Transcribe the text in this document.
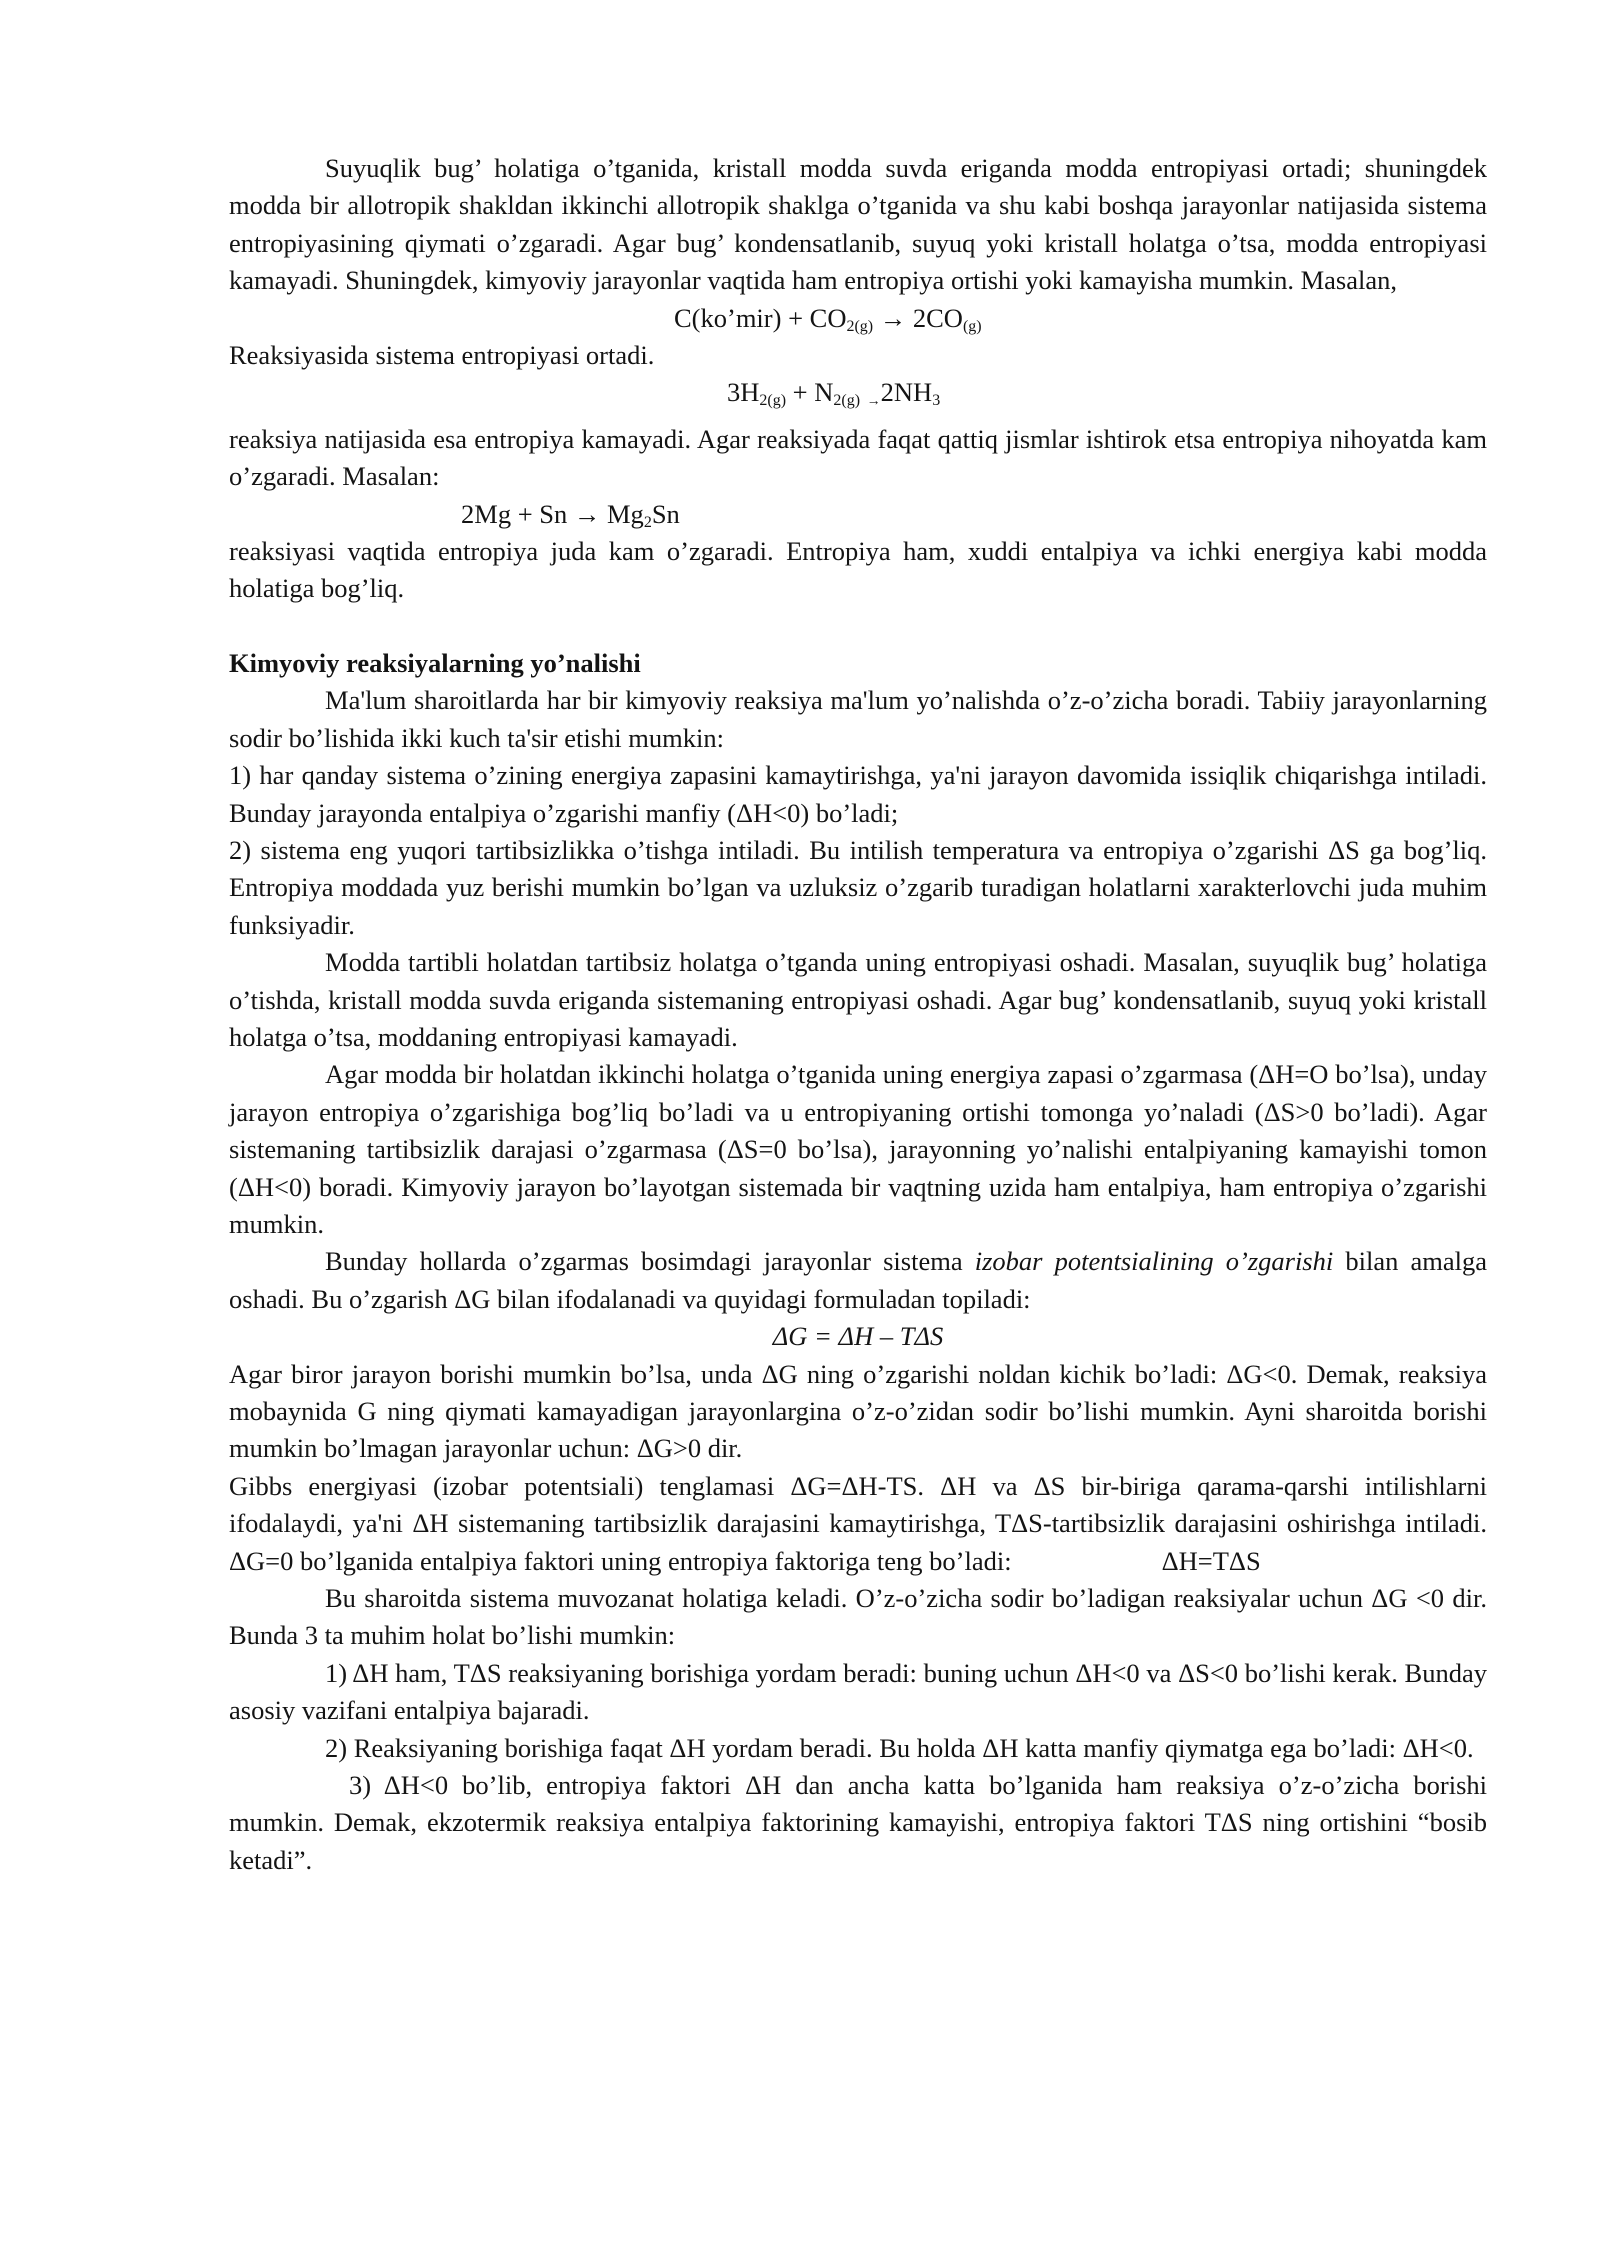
Suyuqlik bug’ holatiga o’tganida, kristall modda suvda eriganda modda entropiyasi ortadi; shuningdek modda bir allotropik shakldan ikkinchi allotropik shaklga o’tganida va shu kabi boshqa jarayonlar natijasida sistema entropiyasining qiymati o’zgaradi. Agar bug’ kondensatlanib, suyuq yoki kristall holatga o’tsa, modda entropiyasi kamayadi. Shuningdek, kimyoviy jarayonlar vaqtida ham entropiya ortishi yoki kamayisha mumkin. Masalan,

C(ko’mir) + $CO_{2(g)} \to 2CO_{(g)}$

Reaksiyasida sistema entropiyasi ortadi.

$3H_{2(g)} + N_{2(g)} \to 2NH_3$

reaksiya natijasida esa entropiya kamayadi. Agar reaksiyada faqat qattiq jismlar ishtirok etsa entropiya nihoyatda kam o’zgaradi. Masalan:

$2Mg + Sn \to Mg_2Sn$

reaksiyasi vaqtida entropiya juda kam o’zgaradi. Entropiya ham, xuddi entalpiya va ichki energiya kabi modda holatiga bog’liq.

Kimyoviy reaksiyalarning yo’nalishi

Ma'lum sharoitlarda har bir kimyoviy reaksiya ma'lum yo’nalishda o’z-o’zicha boradi. Tabiiy jarayonlarning sodir bo’lishida ikki kuch ta'sir etishi mumkin:

1) har qanday sistema o’zining energiya zapasini kamaytirishga, ya'ni jarayon davomida issiqlik chiqarishga intiladi. Bunday jarayonda entalpiya o’zgarishi manfiy (ΔH<0) bo’ladi;

2) sistema eng yuqori tartibsizlikka o’tishga intiladi. Bu intilish temperatura va entropiya o’zgarishi ΔS ga bog’liq. Entropiya moddada yuz berishi mumkin bo’lgan va uzluksiz o’zgarib turadigan holatlarni xarakterlovchi juda muhim funksiyadir.

Modda tartibli holatdan tartibsiz holatga o’tganda uning entropiyasi oshadi. Masalan, suyuqlik bug’ holatiga o’tishda, kristall modda suvda eriganda sistemaning entropiyasi oshadi. Agar bug’ kondensatlanib, suyuq yoki kristall holatga o’tsa, moddaning entropiyasi kamayadi.

Agar modda bir holatdan ikkinchi holatga o’tganida uning energiya zapasi o’zgarmasa (ΔH=O bo’lsa), unday jarayon entropiya o’zgarishiga bog’liq bo’ladi va u entropiyaning ortishi tomonga yo’naladi (ΔS>0 bo’ladi). Agar sistemaning tartibsizlik darajasi o’zgarmasa (ΔS=0 bo’lsa), jarayonning yo’nalishi entalpiyaning kamayishi tomon (ΔH<0) boradi. Kimyoviy jarayon bo’layotgan sistemada bir vaqtning uzida ham entalpiya, ham entropiya o’zgarishi mumkin.

Bunday hollarda o’zgarmas bosimdagi jarayonlar sistema izobar potentsialining o’zgarishi bilan amalga oshadi. Bu o’zgarish ΔG bilan ifodalanadi va quyidagi formuladan topiladi:

ΔG = ΔH – TΔS

Agar biror jarayon borishi mumkin bo’lsa, unda ΔG ning o’zgarishi noldan kichik bo’ladi: ΔG<0. Demak, reaksiya mobaynida G ning qiymati kamayadigan jarayonlargina o’z-o’zidan sodir bo’lishi mumkin. Ayni sharoitda borishi mumkin bo’lmagan jarayonlar uchun: ΔG>0 dir.

Gibbs energiyasi (izobar potentsiali) tenglamasi ΔG=ΔH-TS. ΔH va ΔS bir-biriga qarama-qarshi intilishlarni ifodalaydi, ya'ni ΔH sistemaning tartibsizlik darajasini kamaytirishga, TΔS-tartibsizlik darajasini oshirishga intiladi. ΔG=0 bo’lganida entalpiya faktori uning entropiya faktoriga teng bo’ladi:	ΔH=TΔS

Bu sharoitda sistema muvozanat holatiga keladi. O’z-o’zicha sodir bo’ladigan reaksiyalar uchun ΔG <0 dir. Bunda 3 ta muhim holat bo’lishi mumkin:

1) ΔH ham, TΔS reaksiyaning borishiga yordam beradi: buning uchun ΔH<0 va ΔS<0 bo’lishi kerak. Bunday asosiy vazifani entalpiya bajaradi.

2) Reaksiyaning borishiga faqat ΔH yordam beradi. Bu holda ΔH katta manfiy qiymatga ega bo’ladi: ΔH<0.

3) ΔH<0 bo’lib, entropiya faktori ΔH dan ancha katta bo’lganida ham reaksiya o’z-o’zicha borishi mumkin. Demak, ekzotermik reaksiya entalpiya faktorining kamayishi, entropiya faktori TΔS ning ortishini “bosib ketadi”.
